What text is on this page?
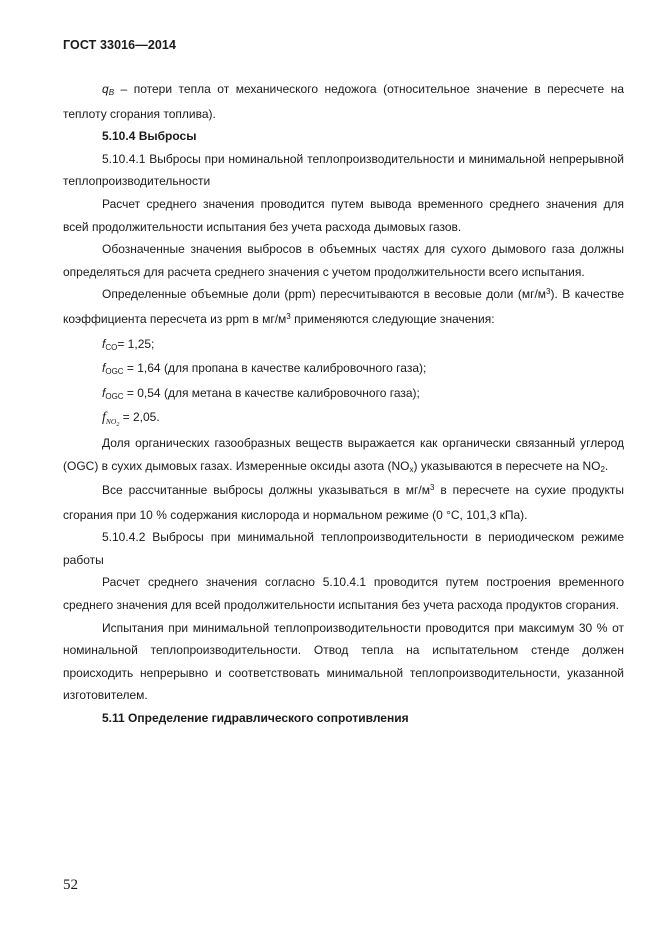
ГОСТ 33016—2014

$q_B$ – потери тепла от механического недожога (относительное значение в пересчете на теплоту сгорания топлива).

5.10.4 Выбросы

5.10.4.1 Выбросы при номинальной теплопроизводительности и минимальной непрерывной теплопроизводительности

Расчет среднего значения проводится путем вывода временного среднего значения для всей продолжительности испытания без учета расхода дымовых газов.

Обозначенные значения выбросов в объемных частях для сухого дымового газа должны определяться для расчета среднего значения с учетом продолжительности всего испытания.

Определенные объемные доли (ppm) пересчитываются в весовые доли $(мг/м^3)$. В качестве коэффициента пересчета из ppm в $мг/м^3$ применяются следующие значения:

$f_{CO}= 1,25$;

$f_{OGC} = 1,64$ (для пропана в качестве калибровочного газа);

$f_{OGC} = 0,54$ (для метана в качестве калибровочного газа);

$f_{NO2} = 2,05$.

Доля органических газообразных веществ выражается как органически связанный углерод (OGC) в сухих дымовых газах. Измеренные оксиды азота $(NO_x)$ указываются в пересчете на $NO_2$.

Все рассчитанные выбросы должны указываться в $мг/м^3$ в пересчете на сухие продукты сгорания при 10 % содержания кислорода и нормальном режиме (0 °С, 101,3 кПа).

5.10.4.2 Выбросы при минимальной теплопроизводительности в периодическом режиме работы

Расчет среднего значения согласно 5.10.4.1 проводится путем построения временного среднего значения для всей продолжительности испытания без учета расхода продуктов сгорания.

Испытания при минимальной теплопроизводительности проводится при максимум 30 % от номинальной теплопроизводительности. Отвод тепла на испытательном стенде должен происходить непрерывно и соответствовать минимальной теплопроизводительности, указанной изготовителем.

5.11 Определение гидравлического сопротивления

52
